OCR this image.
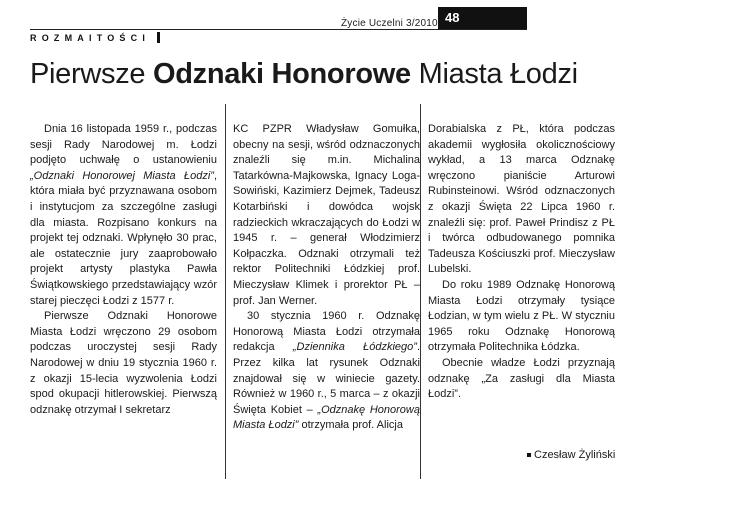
48
Życie Uczelni 3/2010
ROZMAITOŚCI
Pierwsze Odznaki Honorowe Miasta Łodzi

Dnia 16 listopada 1959 r., podczas sesji Rady Narodowej m. Łodzi podjęto uchwałę o ustanowieniu „Odznaki Honorowej Miasta Łodzi”, która miała być przyznawana osobom i instytucjom za szczególne zasługi dla miasta. Rozpisano konkurs na projekt tej odznaki. Wpłynęło 30 prac, ale ostatecznie jury zaaprobowało projekt artysty plastyka Pawła Świątkowskiego przedstawiający wzór starej pieczęci Łodzi z 1577 r.

Pierwsze Odznaki Honorowe Miasta Łodzi wręczono 29 osobom podczas uroczystej sesji Rady Narodowej w dniu 19 stycznia 1960 r. z okazji 15-lecia wyzwolenia Łodzi spod okupacji hitlerowskiej. Pierwszą odznakę otrzymał I sekretarz

KC PZPR Władysław Gomułka, obecny na sesji, wśród odznaczonych znaleźli się m.in. Michalina Tatarkówna-Majkowska, Ignacy Loga-Sowiński, Kazimierz Dejmek, Tadeusz Kotarbiński i dowódca wojsk radzieckich wkraczających do Łodzi w 1945 r. – generał Włodzimierz Kołpaczka. Odznaki otrzymali też rektor Politechniki Łódzkiej prof. Mieczysław Klimek i prorektor PŁ – prof. Jan Werner.

30 stycznia 1960 r. Odznakę Honorową Miasta Łodzi otrzymała redakcja „Dziennika Łódzkiego”. Przez kilka lat rysunek Odznaki znajdował się w winiecie gazety. Również w 1960 r., 5 marca – z okazji Święta Kobiet – „Odznakę Honorową Miasta Łodzi” otrzymała prof. Alicja

Dorabialska z PŁ, która podczas akademii wygłosiła okolicznościowy wykład, a 13 marca Odznakę wręczono pianiście Arturowi Rubinsteinowi. Wśród odznaczonych z okazji Święta 22 Lipca 1960 r. znaleźli się: prof. Paweł Prindisz z PŁ i twórca odbudowanego pomnika Tadeusza Kościuszki prof. Mieczysław Lubelski.

Do roku 1989 Odznakę Honorową Miasta Łodzi otrzymały tysiące Łodzian, w tym wielu z PŁ. W styczniu 1965 roku Odznakę Honorową otrzymała Politechnika Łódzka.

Obecnie władze Łodzi przyznają odznakę „Za zasługi dla Miasta Łodzi”.

Czesław Żyliński
